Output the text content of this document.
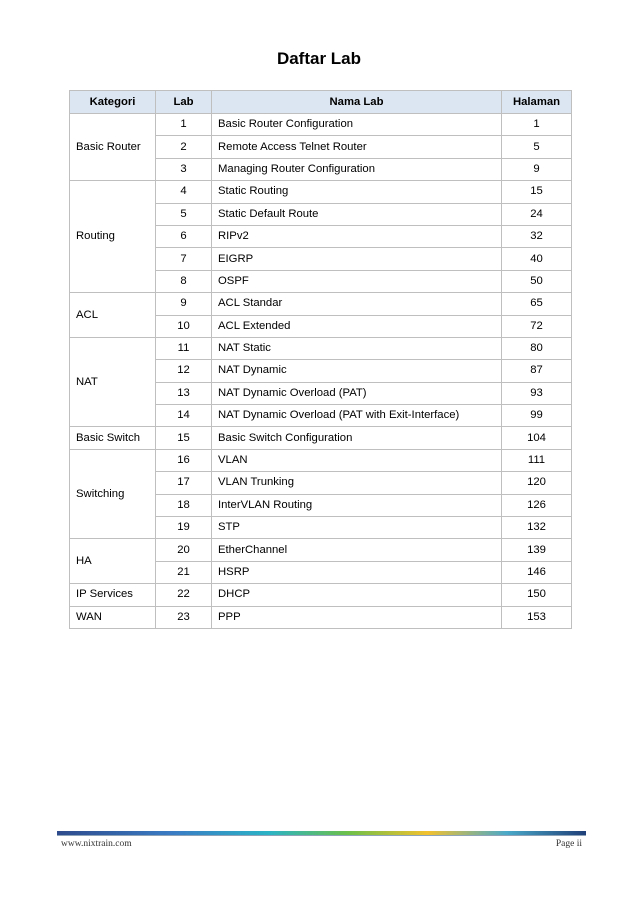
Daftar Lab
Kategori	Lab	Nama Lab	Halaman
Basic Router	1	Basic Router Configuration	1
	2	Remote Access Telnet Router	5
	3	Managing Router Configuration	9
Routing	4	Static Routing	15
	5	Static Default Route	24
	6	RIPv2	32
	7	EIGRP	40
	8	OSPF	50
ACL	9	ACL Standar	65
	10	ACL Extended	72
NAT	11	NAT Static	80
	12	NAT Dynamic	87
	13	NAT Dynamic Overload (PAT)	93
	14	NAT Dynamic Overload (PAT with Exit-Interface)	99
Basic Switch	15	Basic Switch Configuration	104
Switching	16	VLAN	111
	17	VLAN Trunking	120
	18	InterVLAN Routing	126
	19	STP	132
HA	20	EtherChannel	139
	21	HSRP	146
IP Services	22	DHCP	150
WAN	23	PPP	153
www.nixtrain.com	Page ii
